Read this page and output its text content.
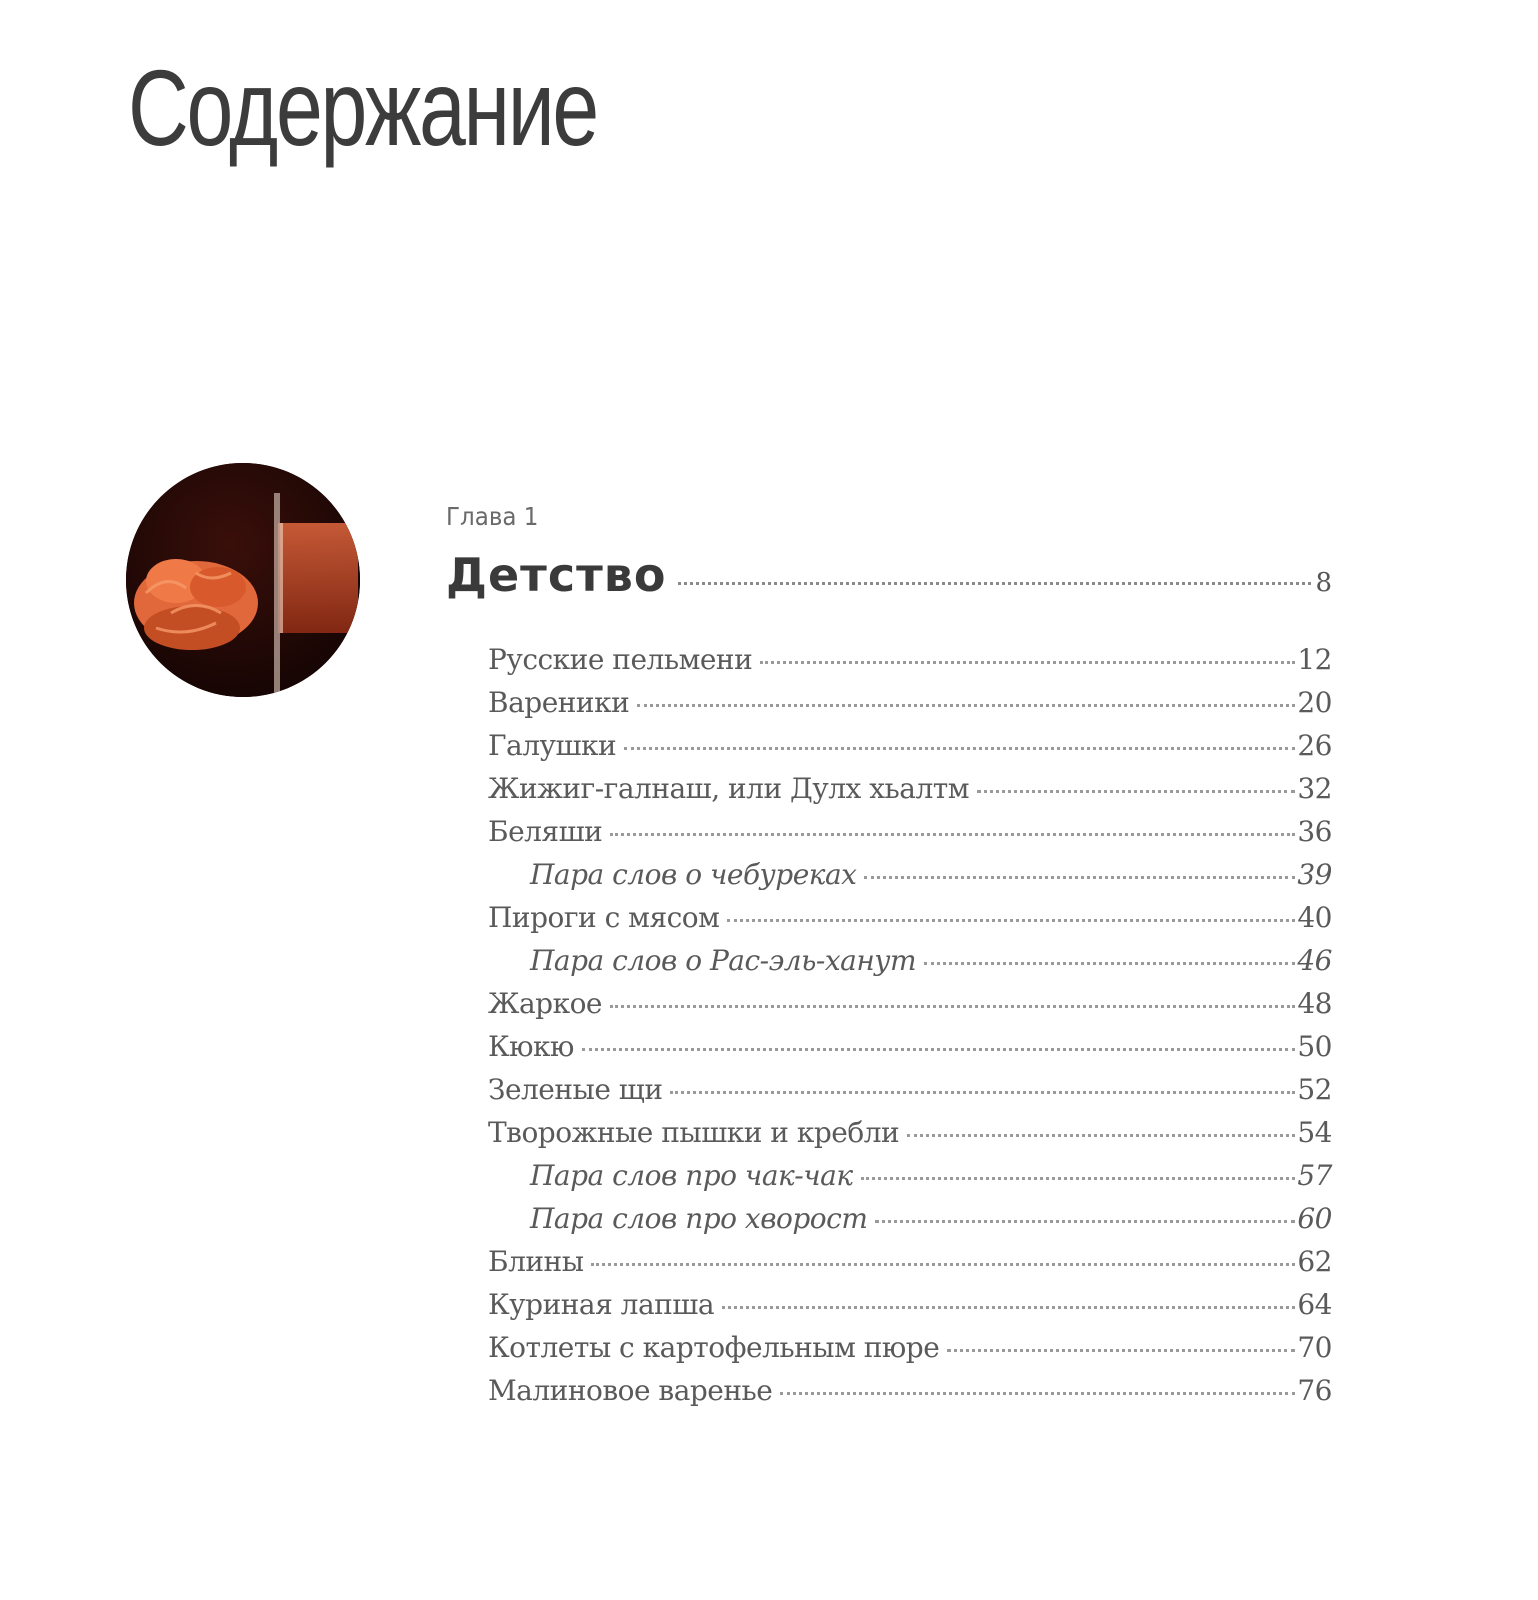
Содержание
Глава 1
Детство	8
Русские пельмени	12
Вареники	20
Галушки	26
Жижиг-галнаш, или Дулх хьалтм	32
Беляши	36
Пара слов о чебуреках	39
Пироги с мясом	40
Пара слов о Рас-эль-ханут	46
Жаркое	48
Кюкю	50
Зеленые щи	52
Творожные пышки и кребли	54
Пара слов про чак-чак	57
Пара слов про хворост	60
Блины	62
Куриная лапша	64
Котлеты с картофельным пюре	70
Малиновое варенье	76
